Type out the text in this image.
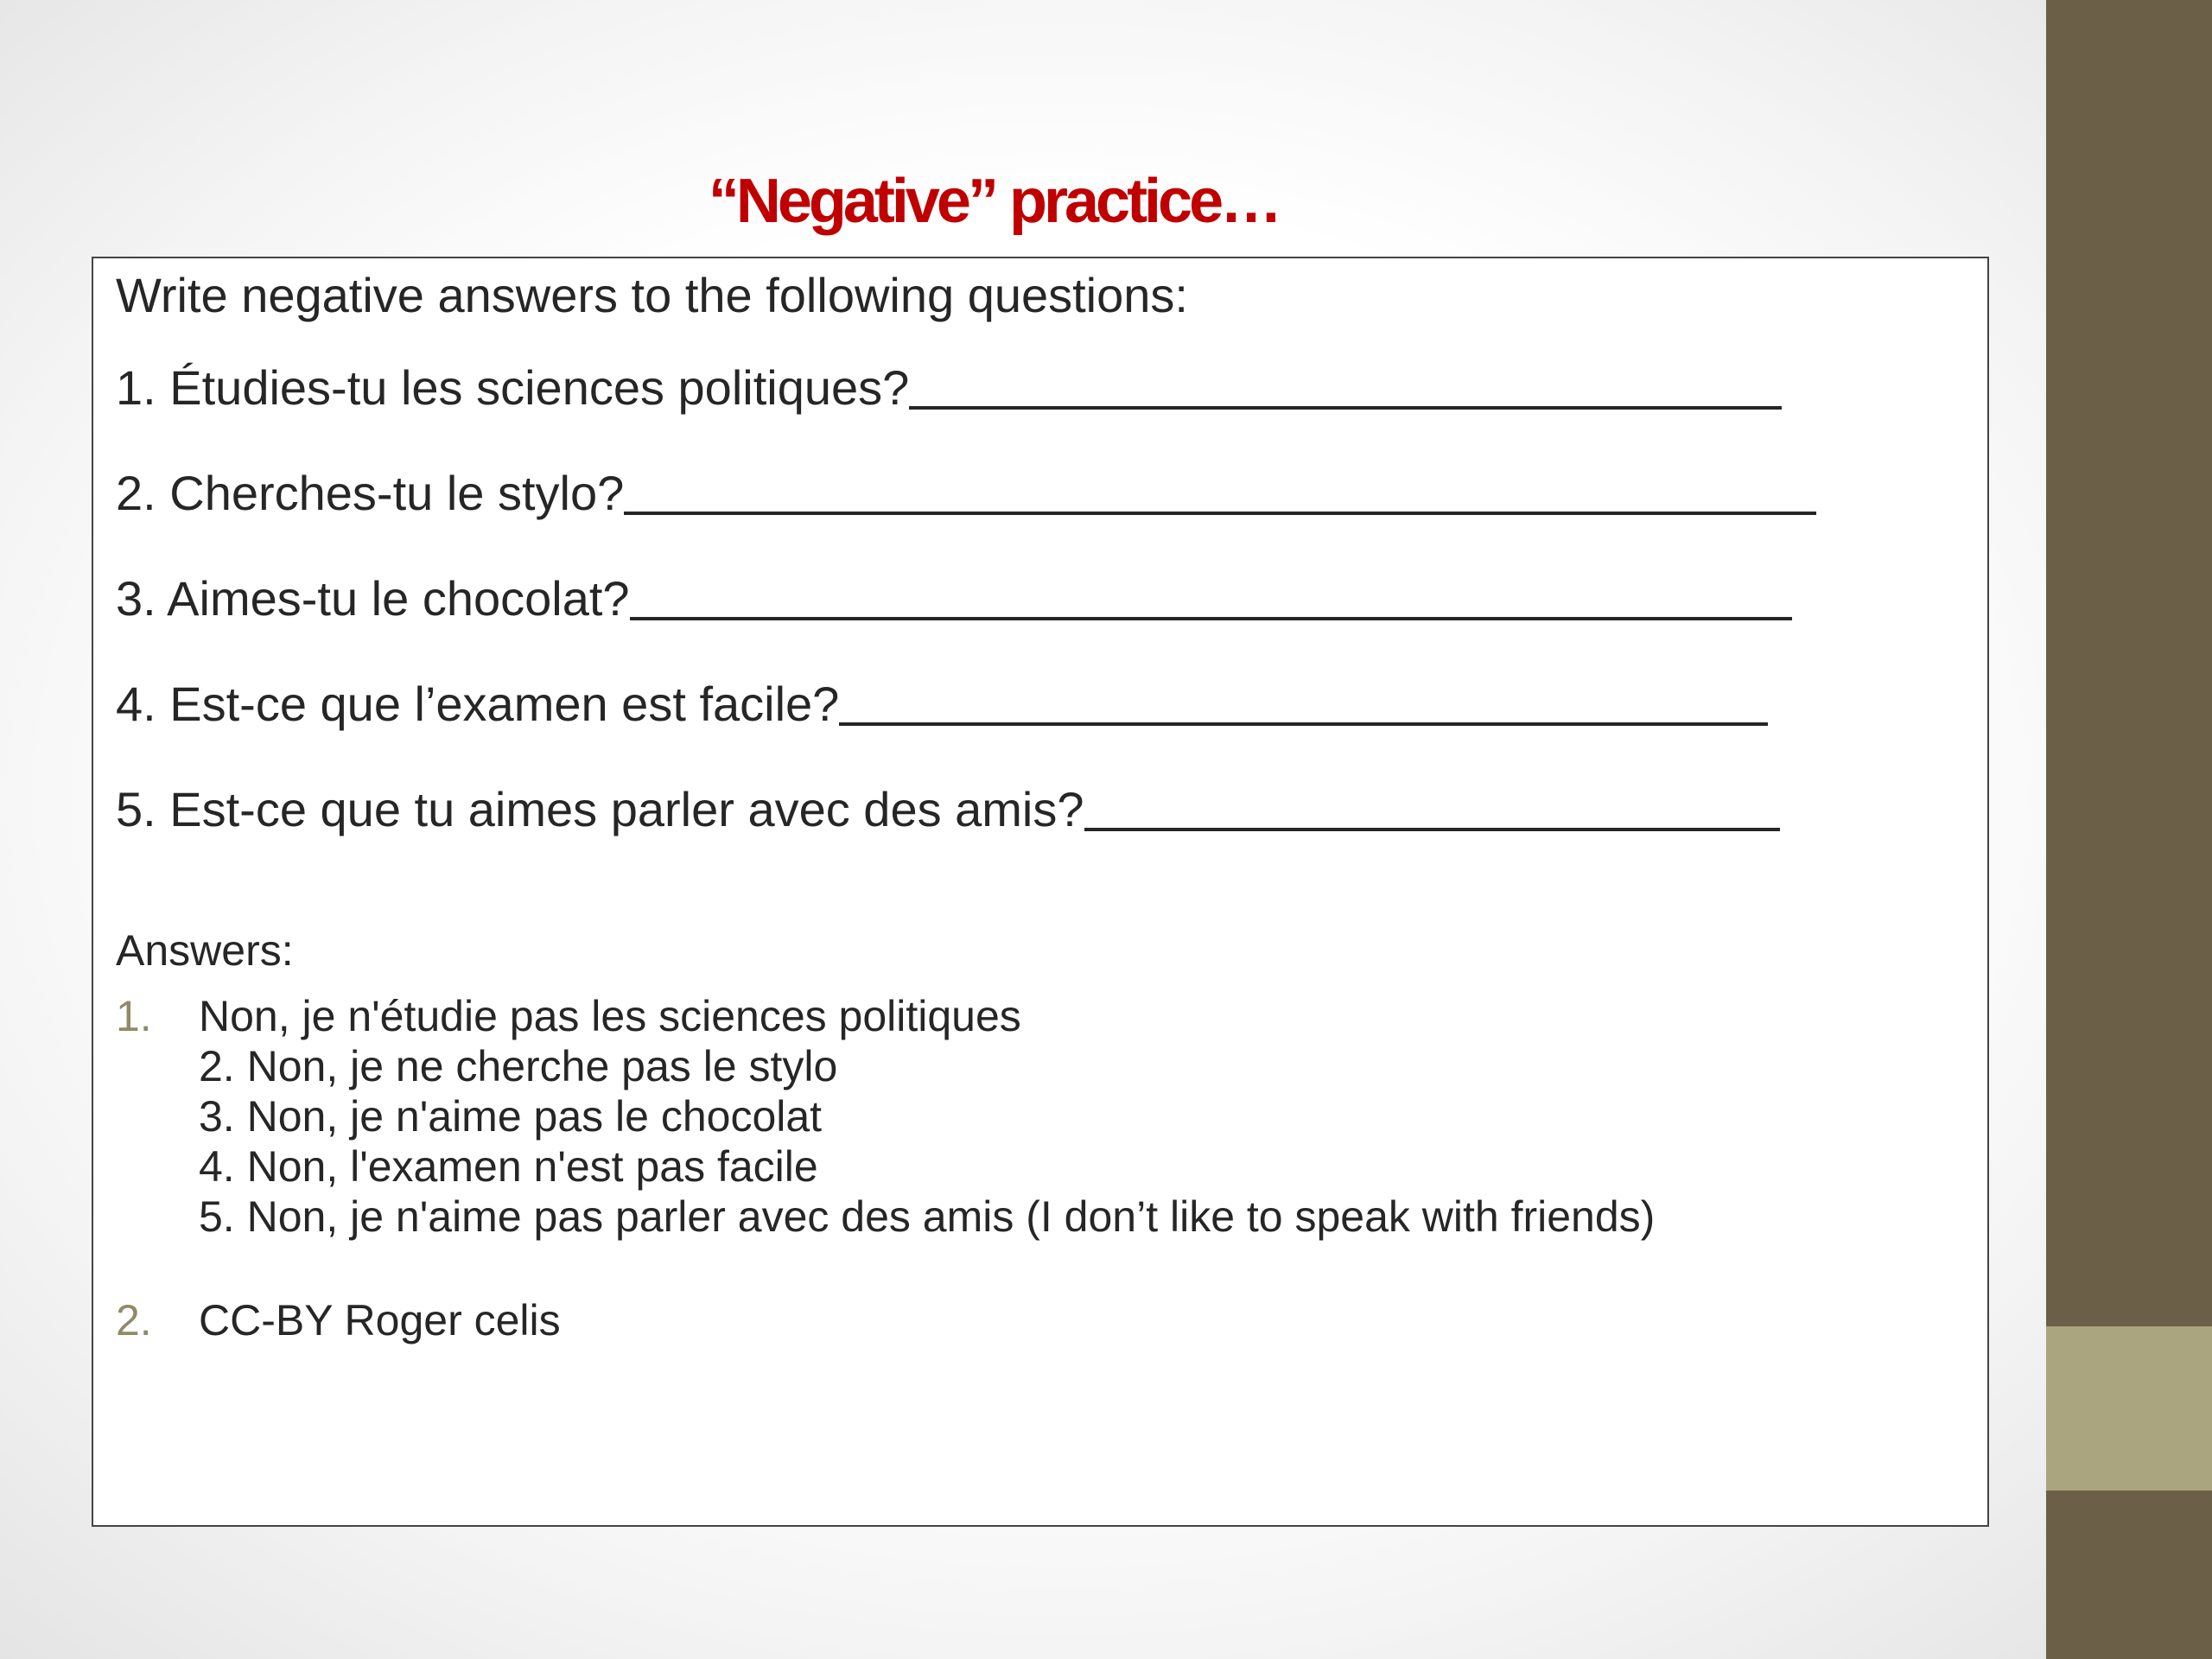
“Negative” practice…
Write negative answers to the following questions:
1. Étudies-tu les sciences politiques?
2. Cherches-tu le stylo?
3. Aimes-tu le chocolat?
4. Est-ce que l’examen est facile?
5. Est-ce que tu aimes parler avec des amis?
Answers:
1.	Non, je n'étudie pas les sciences politiques
2. Non, je ne cherche pas le stylo
3. Non, je n'aime pas le chocolat
4. Non, l'examen n'est pas facile
5. Non, je n'aime pas parler avec des amis (I don’t like to speak with friends)
2.	CC-BY Roger celis
